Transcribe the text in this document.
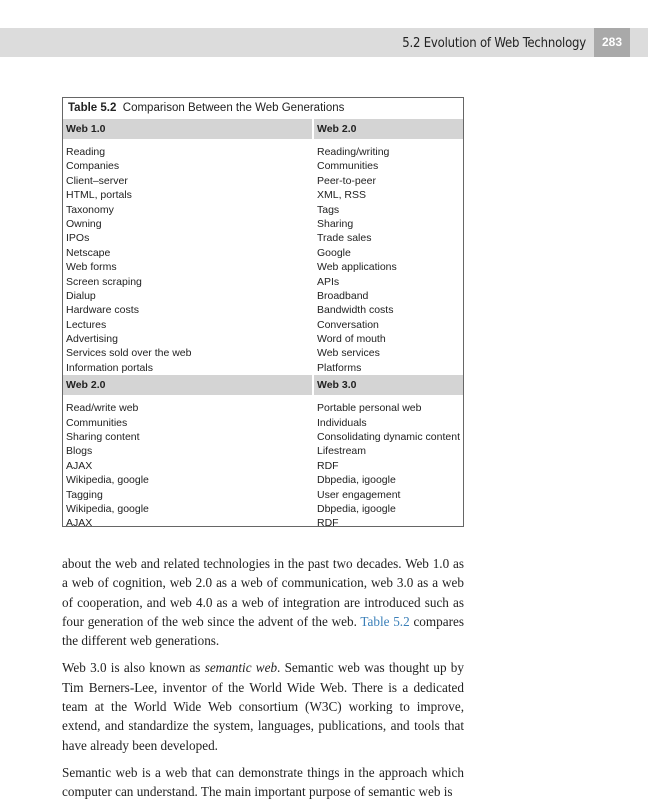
5.2 Evolution of Web Technology	283
Table 5.2 Comparison Between the Web Generations
Web 1.0	Web 2.0
Reading	Reading/writing
Companies	Communities
Client–server	Peer-to-peer
HTML, portals	XML, RSS
Taxonomy	Tags
Owning	Sharing
IPOs	Trade sales
Netscape	Google
Web forms	Web applications
Screen scraping	APIs
Dialup	Broadband
Hardware costs	Bandwidth costs
Lectures	Conversation
Advertising	Word of mouth
Services sold over the web	Web services
Information portals	Platforms
Web 2.0	Web 3.0
Read/write web	Portable personal web
Communities	Individuals
Sharing content	Consolidating dynamic content
Blogs	Lifestream
AJAX	RDF
Wikipedia, google	Dbpedia, igoogle
Tagging	User engagement
Wikipedia, google	Dbpedia, igoogle
AJAX	RDF

about the web and related technologies in the past two decades. Web 1.0 as a web of cognition, web 2.0 as a web of communication, web 3.0 as a web of cooperation, and web 4.0 as a web of integration are introduced such as four generation of the web since the advent of the web. Table 5.2 compares the different web generations.

Web 3.0 is also known as semantic web. Semantic web was thought up by Tim Berners-Lee, inventor of the World Wide Web. There is a dedicated team at the World Wide Web consortium (W3C) working to improve, extend, and standardize the system, languages, publications, and tools that have already been developed.

Semantic web is a web that can demonstrate things in the approach which computer can understand. The main important purpose of semantic web is
